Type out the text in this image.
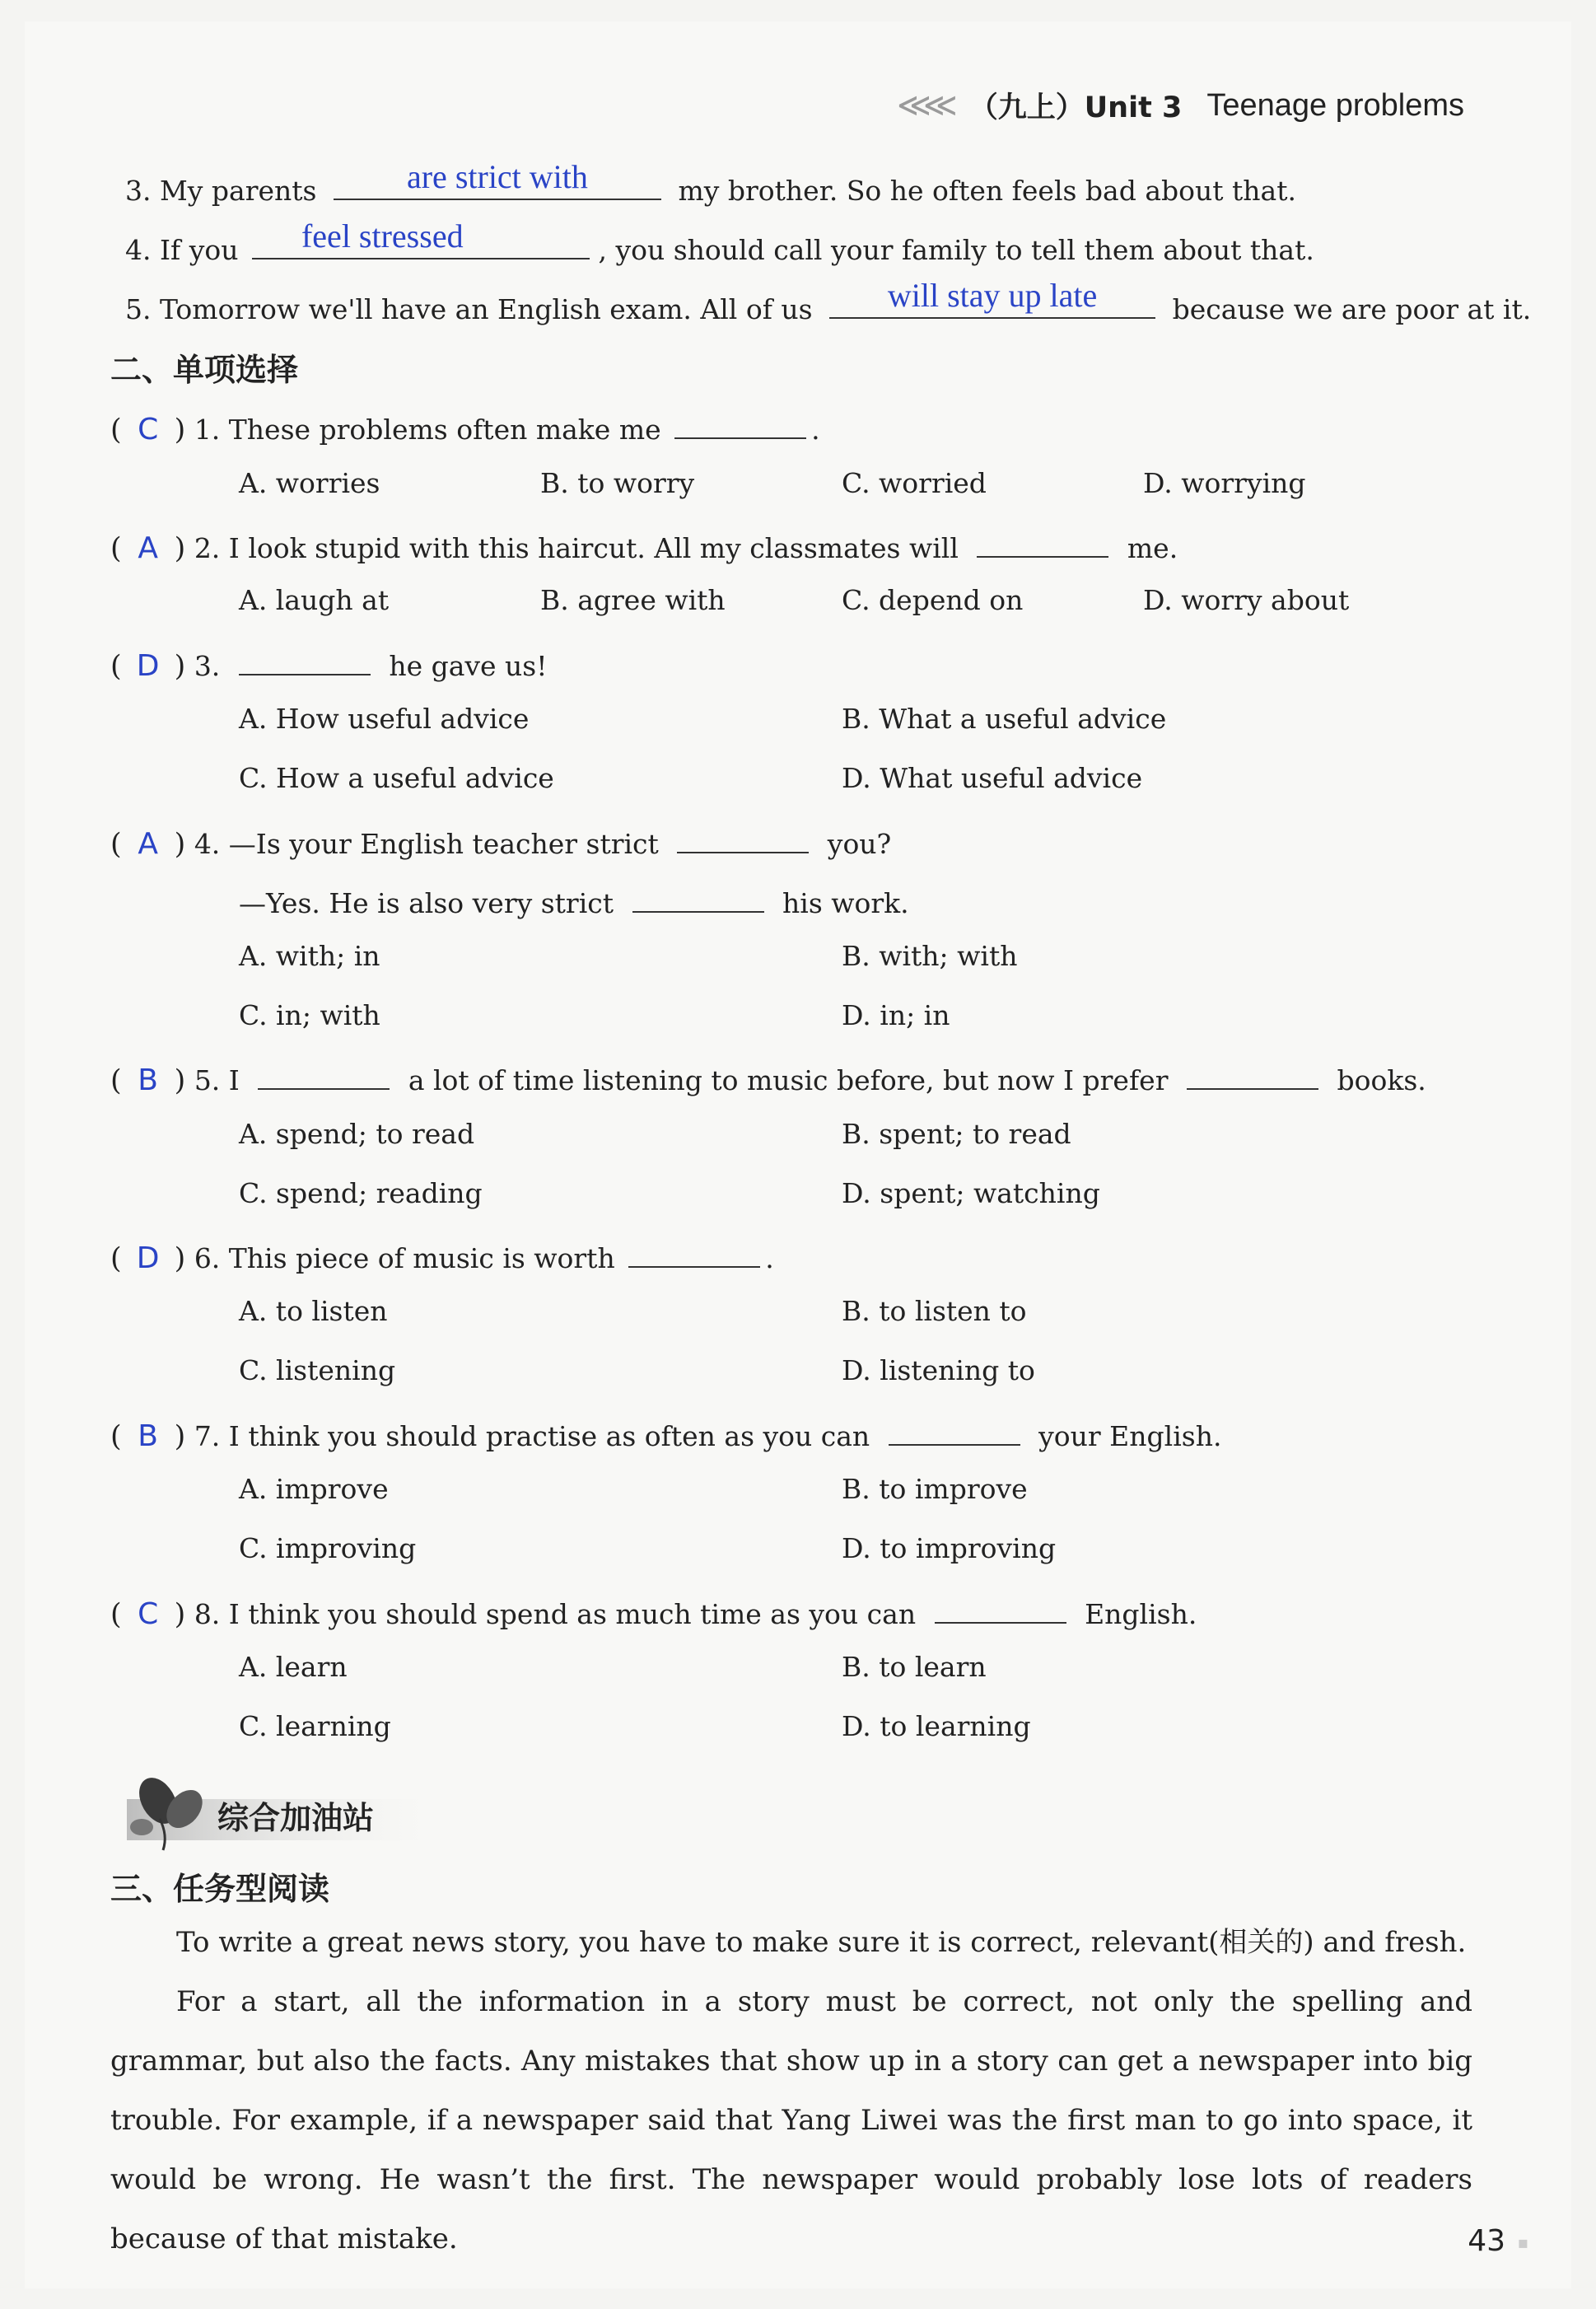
≪≪ （九上）Unit 3 Teenage problems
3. My parents	are strict with	my brother. So he often feels bad about that.
4. If you	feel stressed	, you should call your family to tell them about that.
5. Tomorrow we'll have an English exam. All of us	will stay up late	because we are poor at it.
二、单项选择
( C ) 1. These problems often make me	.
A. worries	B. to worry	C. worried	D. worrying
( A ) 2. I look stupid with this haircut. All my classmates will	me.
A. laugh at	B. agree with	C. depend on	D. worry about
( D ) 3.	he gave us!
A. How useful advice	B. What a useful advice
C. How a useful advice	D. What useful advice
( A ) 4. —Is your English teacher strict	you?
—Yes. He is also very strict	his work.
A. with; in	B. with; with
C. in; with	D. in; in
( B ) 5. I	a lot of time listening to music before, but now I prefer	books.
A. spend; to read	B. spent; to read
C. spend; reading	D. spent; watching
( D ) 6. This piece of music is worth	.
A. to listen	B. to listen to
C. listening	D. listening to
( B ) 7. I think you should practise as often as you can	your English.
A. improve	B. to improve
C. improving	D. to improving
( C ) 8. I think you should spend as much time as you can	English.
A. learn	B. to learn
C. learning	D. to learning
综合加油站
三、任务型阅读
To write a great news story, you have to make sure it is correct, relevant(相关的) and fresh.
For a start, all the information in a story must be correct, not only the spelling and grammar, but also the facts. Any mistakes that show up in a story can get a newspaper into big trouble. For example, if a newspaper said that Yang Liwei was the first man to go into space, it would be wrong. He wasn’t the first. The newspaper would probably lose lots of readers because of that mistake.	43 ▪
